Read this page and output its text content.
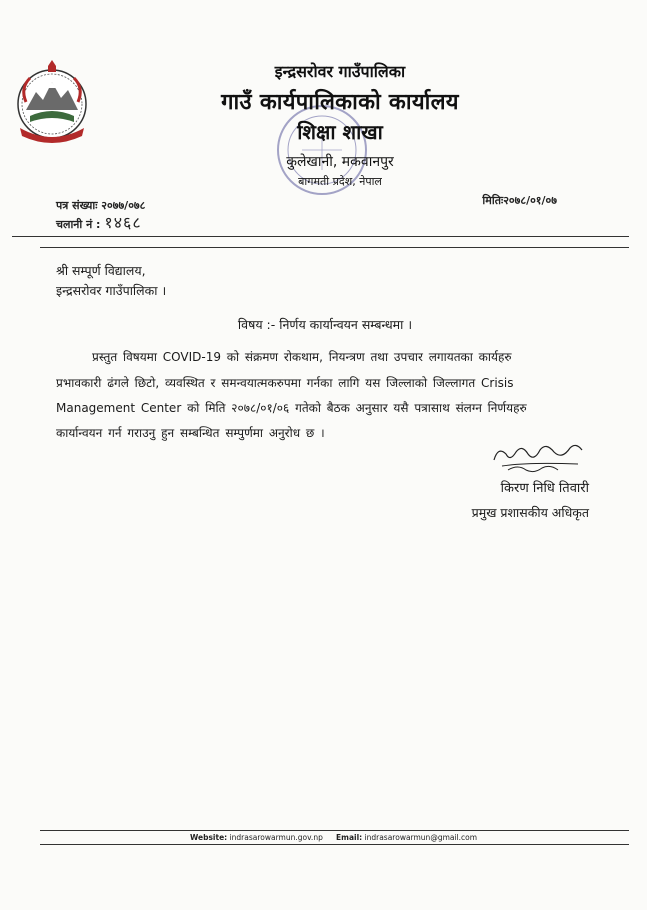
इन्द्रसरोवर गाउँपालिका
गाउँ कार्यपालिकाको कार्यालय
शिक्षा शाखा
कुलेखानी, मकवानपुर
बागमती प्रदेश, नेपाल
पत्र संख्याः २०७७/०७८
चलानी नं : १४६८
मितिः२०७८/०१/०७
श्री सम्पूर्ण विद्यालय,
इन्द्रसरोवर गाउँपालिका ।
विषय :- निर्णय कार्यान्वयन सम्बन्धमा ।
प्रस्तुत विषयमा COVID-19 को संक्रमण रोकथाम, नियन्त्रण तथा उपचार लगायतका कार्यहरु
प्रभावकारी ढंगले छिटो, व्यवस्थित र समन्वयात्मकरुपमा गर्नका लागि यस जिल्लाको जिल्लागत Crisis
Management Center को मिति २०७८/०१/०६ गतेको बैठक अनुसार यसै पत्रासाथ संलग्न निर्णयहरु
कार्यान्वयन गर्न गराउनु हुन सम्बन्धित सम्पुर्णमा अनुरोध छ ।
किरण निधि तिवारी
प्रमुख प्रशासकीय अधिकृत
Website: indrasarowarmun.gov.np Email: indrasarowarmun@gmail.com
